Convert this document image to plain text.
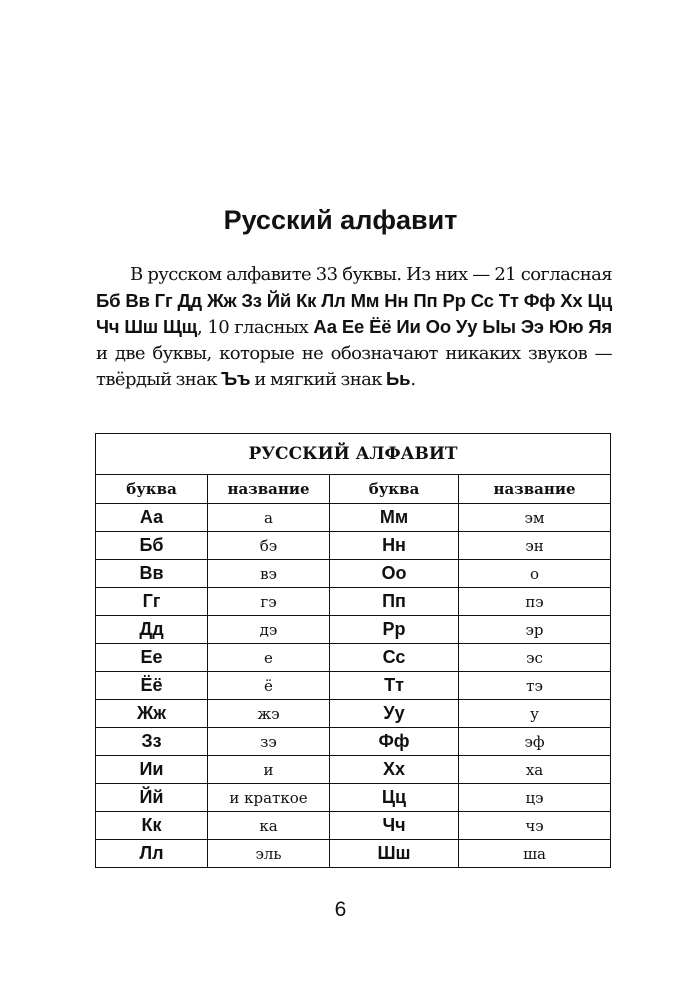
Русский алфавит

В русском алфавите 33 буквы. Из них — 21 согласная Бб Вв Гг Дд Жж Зз Йй Кк Лл Мм Нн Пп Рр Сс Тт Фф Хх Цц Чч Шш Щщ, 10 гласных Аа Ее Ёё Ии Оо Уу Ыы Ээ Юю Яя и две буквы, которые не обозначают никаких звуков — твёрдый знак Ъъ и мягкий знак Ьь.

РУССКИЙ АЛФАВИТ			
буква	название	буква	название
Аа	а	Мм	эм
Бб	бэ	Нн	эн
Вв	вэ	Оо	о
Гг	гэ	Пп	пэ
Дд	дэ	Рр	эр
Ее	е	Сс	эс
Ёё	ё	Тт	тэ
Жж	жэ	Уу	у
Зз	зэ	Фф	эф
Ии	и	Хх	ха
Йй	и краткое	Цц	цэ
Кк	ка	Чч	чэ
Лл	эль	Шш	ша
6
